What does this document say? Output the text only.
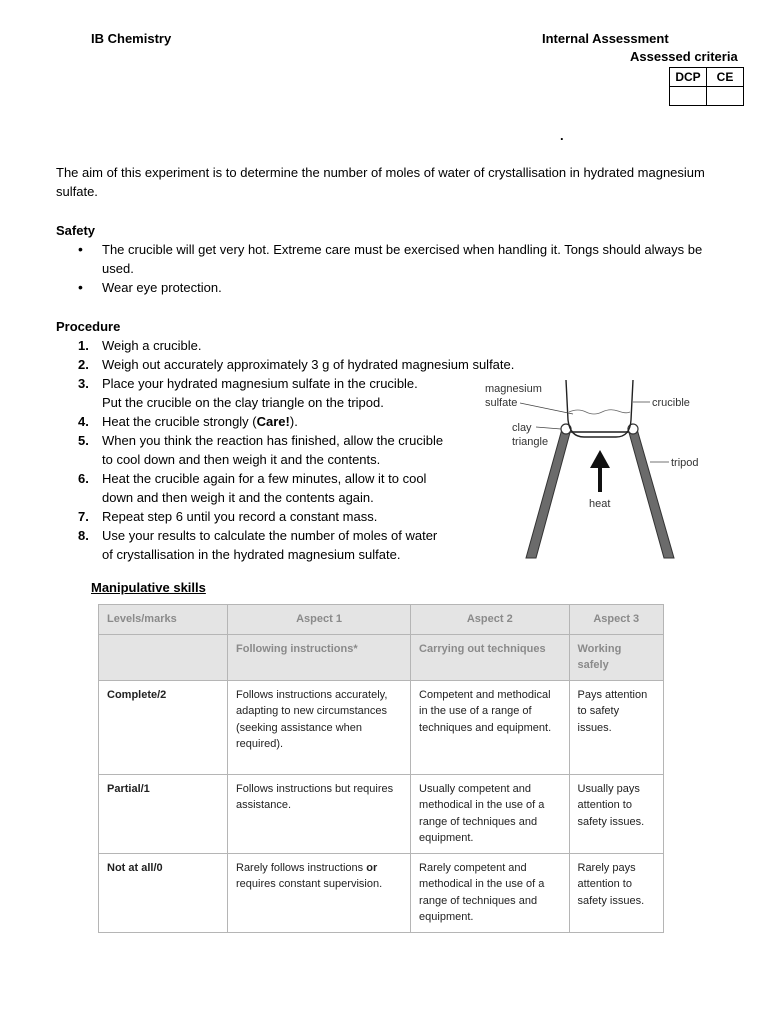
IB Chemistry	Internal Assessment
Assessed criteria
DCP	CE

.
The aim of this experiment is to determine the number of moles of water of crystallisation in hydrated magnesium sulfate.
Safety
• The crucible will get very hot. Extreme care must be exercised when handling it. Tongs should always be used.
• Wear eye protection.
Procedure
1. Weigh a crucible.
2. Weigh out accurately approximately 3 g of hydrated magnesium sulfate.
3. Place your hydrated magnesium sulfate in the crucible.
Put the crucible on the clay triangle on the tripod.
4. Heat the crucible strongly (Care!).
5. When you think the reaction has finished, allow the crucible
to cool down and then weigh it and the contents.
6. Heat the crucible again for a few minutes, allow it to cool
down and then weigh it and the contents again.
7. Repeat step 6 until you record a constant mass.
8. Use your results to calculate the number of moles of water
of crystallisation in the hydrated magnesium sulfate.
magnesium
sulfate	crucible
clay
triangle
tripod
heat
Manipulative skills
Levels/marks	Aspect 1	Aspect 2	Aspect 3
	Following instructions*	Carrying out techniques	Working safely
Complete/2	Follows instructions accurately, adapting to new circumstances (seeking assistance when required).	Competent and methodical in the use of a range of techniques and equipment.	Pays attention to safety issues.
Partial/1	Follows instructions but requires assistance.	Usually competent and methodical in the use of a range of techniques and equipment.	Usually pays attention to safety issues.
Not at all/0	Rarely follows instructions or requires constant supervision.	Rarely competent and methodical in the use of a range of techniques and equipment.	Rarely pays attention to safety issues.
